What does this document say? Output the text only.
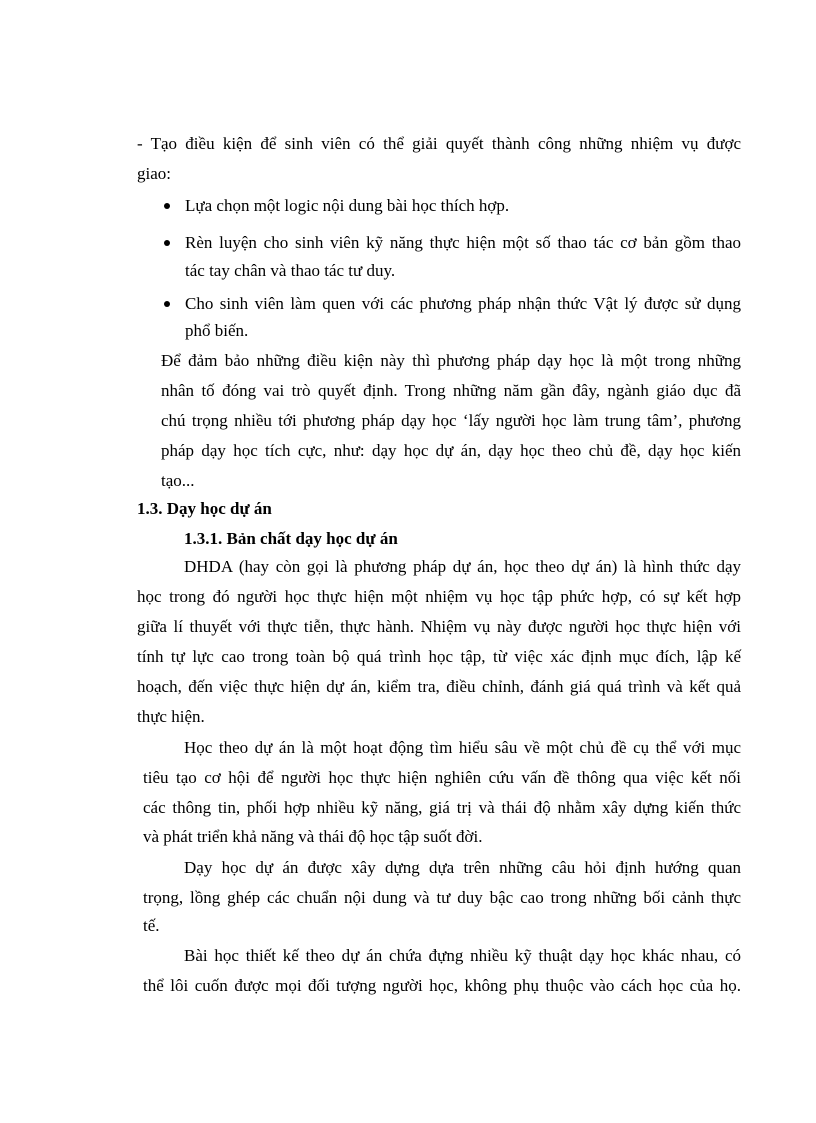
- Tạo điều kiện để sinh viên có thể giải quyết thành công những nhiệm vụ được
giao:
Lựa chọn một logic nội dung bài học thích hợp.
Rèn luyện cho sinh viên kỹ năng thực hiện một số thao tác cơ bản gồm thao
tác tay chân và thao tác tư duy.
Cho sinh viên làm quen với các phương pháp nhận thức Vật lý được sử dụng
phổ biến.
Để đảm bảo những điều kiện này thì phương pháp dạy học là một trong những
nhân tố đóng vai trò quyết định. Trong những năm gần đây, ngành giáo dục đã
chú trọng nhiều tới phương pháp dạy học ‘lấy người học làm trung tâm’, phương
pháp dạy học tích cực, như: dạy học dự án, dạy học theo chủ đề, dạy học kiến
tạo...
1.3. Dạy học dự án
1.3.1. Bản chất dạy học dự án
DHDA (hay còn gọi là phương pháp dự án, học theo dự án) là hình thức dạy
học trong đó người học thực hiện một nhiệm vụ học tập phức hợp, có sự kết hợp
giữa lí thuyết với thực tiễn, thực hành. Nhiệm vụ này được người học thực hiện với
tính tự lực cao trong toàn bộ quá trình học tập, từ việc xác định mục đích, lập kế
hoạch, đến việc thực hiện dự án, kiểm tra, điều chỉnh, đánh giá quá trình và kết quả
thực hiện.
Học theo dự án là một hoạt động tìm hiểu sâu về một chủ đề cụ thể với mục
tiêu tạo cơ hội để người học thực hiện nghiên cứu vấn đề thông qua việc kết nối
các thông tin, phối hợp nhiều kỹ năng, giá trị và thái độ nhằm xây dựng kiến thức
và phát triển khả năng và thái độ học tập suốt đời.
Dạy học dự án được xây dựng dựa trên những câu hỏi định hướng quan
trọng, lồng ghép các chuẩn nội dung và tư duy bậc cao trong những bối cảnh thực
tế.
Bài học thiết kế theo dự án chứa đựng nhiều kỹ thuật dạy học khác nhau, có
thể lôi cuốn được mọi đối tượng người học, không phụ thuộc vào cách học của họ.
